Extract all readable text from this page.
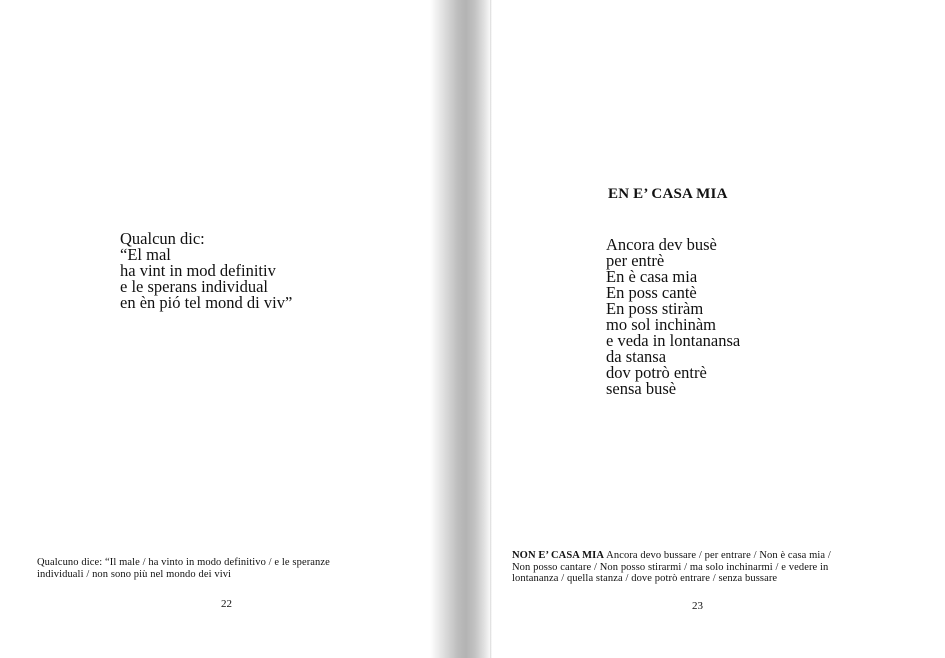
Qualcun dic:
“El mal
ha vint in mod definitiv
e le sperans individual
en èn pió tel mond di viv”
Qualcuno dice: “Il male / ha vinto in modo definitivo / e le speranze
individuali / non sono più nel mondo dei vivi
22
EN E’ CASA MIA
Ancora dev busè
per entrè
En è casa mia
En poss cantè
En poss stiràm
mo sol inchinàm
e veda in lontanansa
da stansa
dov potrò entrè
sensa busè
NON E’ CASA MIA Ancora devo bussare / per entrare / Non è casa mia /
Non posso cantare / Non posso stirarmi / ma solo inchinarmi / e vedere in
lontananza / quella stanza / dove potrò entrare / senza bussare
23
